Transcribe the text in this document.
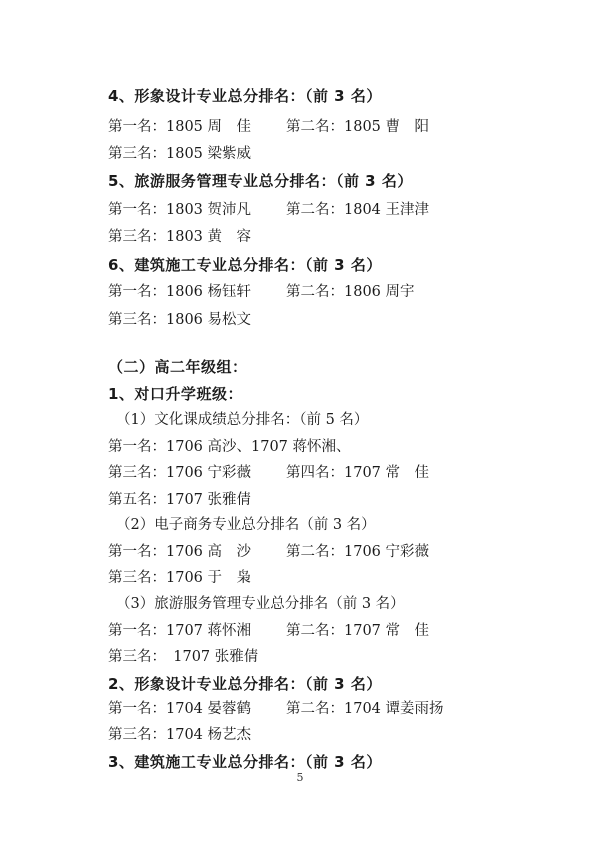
4、形象设计专业总分排名：（前 3 名）
第一名：1805 周　佳 第二名：1805 曹　阳
第三名：1805 梁紫威
5、旅游服务管理专业总分排名：（前 3 名）
第一名：1803 贺沛凡 第二名：1804 王津津
第三名：1803 黄　容
6、建筑施工专业总分排名：（前 3 名）
第一名：1806 杨钰轩 第二名：1806 周宇
第三名：1806 易松文
（二）高二年级组：
1、对口升学班级：
（1）文化课成绩总分排名：（前 5 名）
第一名：1706 高沙、1707 蒋怀湘、
第三名：1706 宁彩薇 第四名：1707 常　佳
第五名：1707 张雅倩
（2）电子商务专业总分排名（前 3 名）
第一名：1706 高　沙 第二名：1706 宁彩薇
第三名：1706 于　枭
（3）旅游服务管理专业总分排名（前 3 名）
第一名：1707 蒋怀湘 第二名：1707 常　佳
第三名：　1707 张雅倩
2、形象设计专业总分排名：（前 3 名）
第一名：1704 晏蓉鹤 第二名：1704 谭姜雨扬
第三名：1704 杨艺杰
3、建筑施工专业总分排名：（前 3 名）
5
